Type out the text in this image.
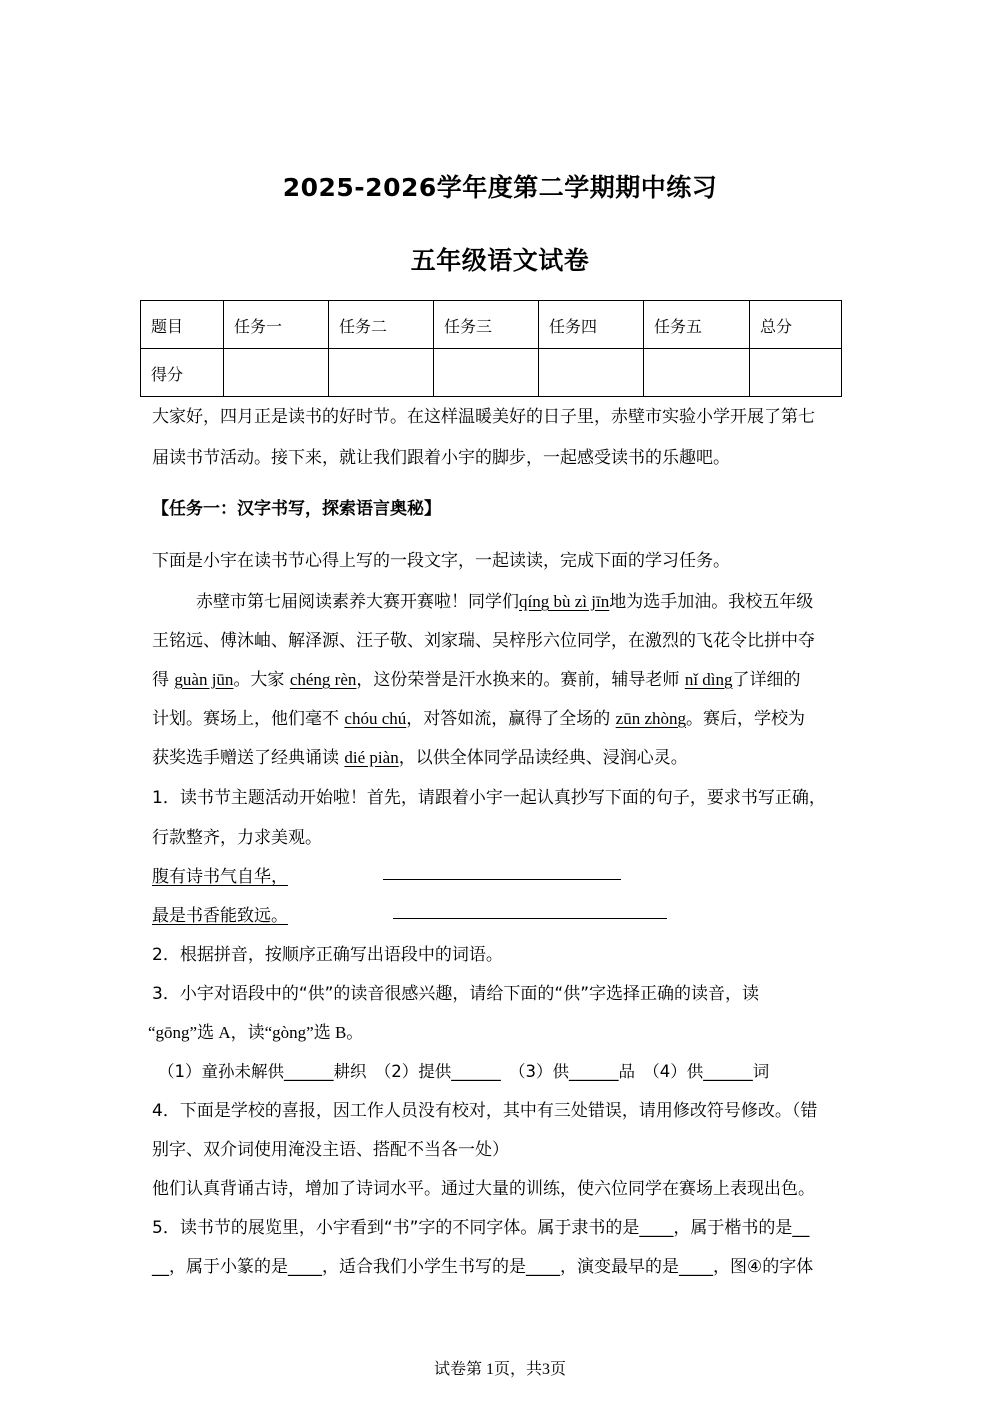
2025-2026学年度第二学期期中练习
五年级语文试卷
题目	任务一	任务二	任务三	任务四	任务五	总分
得分						
大家好，四月正是读书的好时节。在这样温暖美好的日子里，赤壁市实验小学开展了第七
届读书节活动。接下来，就让我们跟着小宇的脚步，一起感受读书的乐趣吧。
【任务一：汉字书写，探索语言奥秘】
下面是小宇在读书节心得上写的一段文字，一起读读，完成下面的学习任务。
赤壁市第七届阅读素养大赛开赛啦！同学们qíng bù zì jīn地为选手加油。我校五年级
王铭远、傅沐岫、解泽源、汪子敬、刘家瑞、吴梓彤六位同学，在激烈的飞花令比拼中夺
得 guàn jūn。大家 chéng rèn，这份荣誉是汗水换来的。赛前，辅导老师 nǐ dìng了详细的
计划。赛场上，他们毫不 chóu chú，对答如流，赢得了全场的 zūn zhòng。赛后，学校为
获奖选手赠送了经典诵读 dié piàn，以供全体同学品读经典、浸润心灵。
1．读书节主题活动开始啦！首先，请跟着小宇一起认真抄写下面的句子，要求书写正确，
行款整齐，力求美观。
腹有诗书气自华，
最是书香能致远。
2．根据拼音，按顺序正确写出语段中的词语。
3．小宇对语段中的“供”的读音很感兴趣，请给下面的“供”字选择正确的读音，读
“gōng”选 A，读“gòng”选 B。
（1）童孙未解供______耕织　（2）提供______　（3）供______品　（4）供______词
4．下面是学校的喜报，因工作人员没有校对，其中有三处错误，请用修改符号修改。（错
别字、双介词使用淹没主语、搭配不当各一处）
他们认真背诵古诗，增加了诗词水平。通过大量的训练，使六位同学在赛场上表现出色。
5．读书节的展览里，小宇看到“书”字的不同字体。属于隶书的是____，属于楷书的是__
__，属于小篆的是____，适合我们小学生书写的是____，演变最早的是____，图④的字体
试卷第 1页，共3页
